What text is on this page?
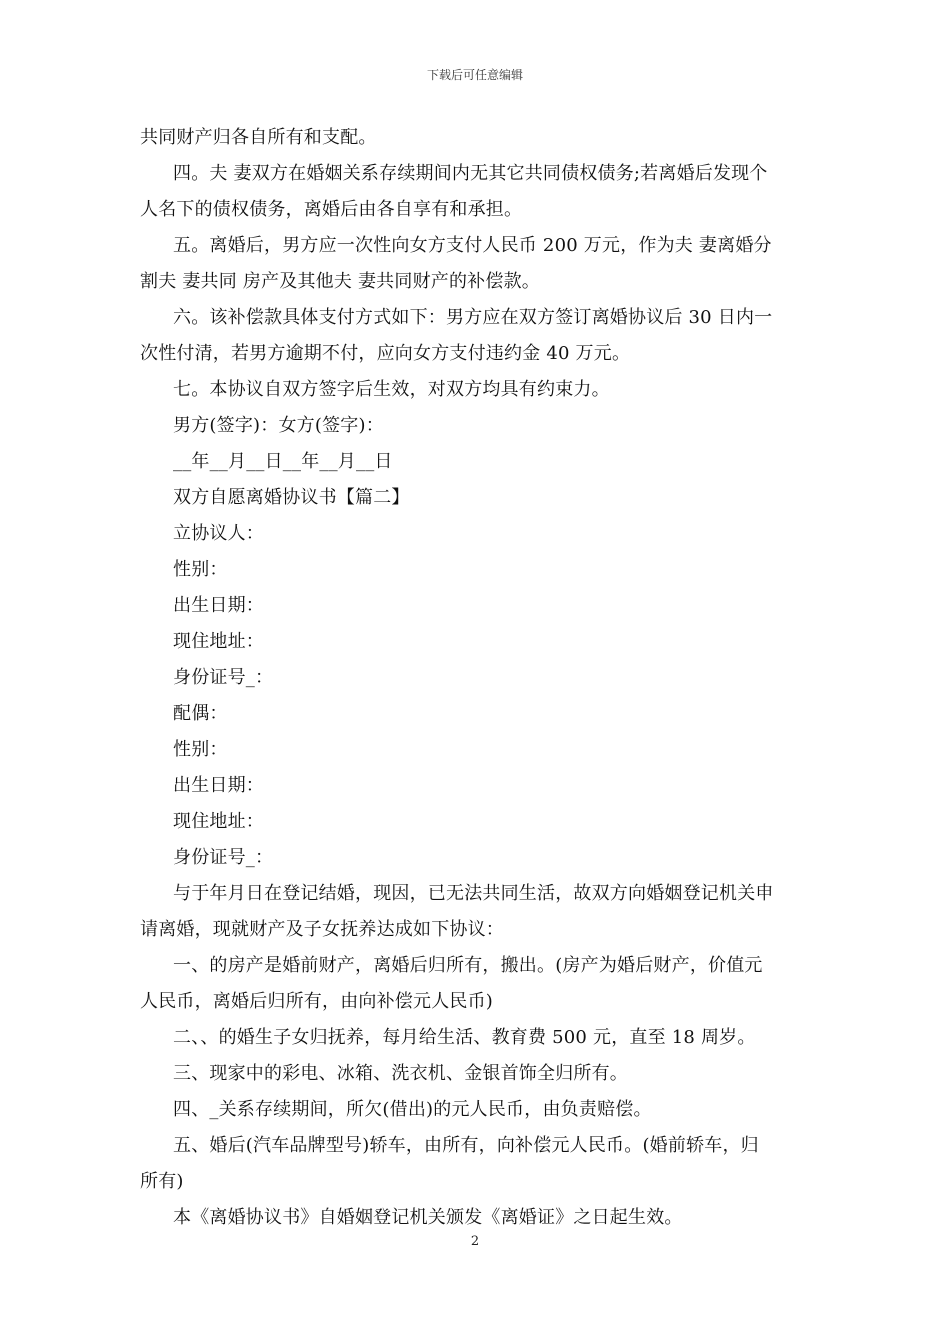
下载后可任意编辑
共同财产归各自所有和支配。
四。夫 妻双方在婚姻关系存续期间内无其它共同债权债务;若离婚后发现个
人名下的债权债务，离婚后由各自享有和承担。
五。离婚后，男方应一次性向女方支付人民币 200 万元，作为夫 妻离婚分
割夫 妻共同 房产及其他夫 妻共同财产的补偿款。
六。该补偿款具体支付方式如下：男方应在双方签订离婚协议后 30 日内一
次性付清，若男方逾期不付，应向女方支付违约金 40 万元。
七。本协议自双方签字后生效，对双方均具有约束力。
男方(签字)：女方(签字)：
__年__月__日__年__月__日
双方自愿离婚协议书【篇二】
立协议人：
性别：
出生日期：
现住地址：
身份证号_：
配偶：
性别：
出生日期：
现住地址：
身份证号_：
与于年月日在登记结婚，现因，已无法共同生活，故双方向婚姻登记机关申
请离婚，现就财产及子女抚养达成如下协议：
一、的房产是婚前财产，离婚后归所有，搬出。(房产为婚后财产，价值元
人民币，离婚后归所有，由向补偿元人民币)
二、、的婚生子女归抚养，每月给生活、教育费 500 元，直至 18 周岁。
三、现家中的彩电、冰箱、洗衣机、金银首饰全归所有。
四、_关系存续期间，所欠(借出)的元人民币，由负责赔偿。
五、婚后(汽车品牌型号)轿车，由所有，向补偿元人民币。(婚前轿车，归
所有)
本《离婚协议书》自婚姻登记机关颁发《离婚证》之日起生效。
2
